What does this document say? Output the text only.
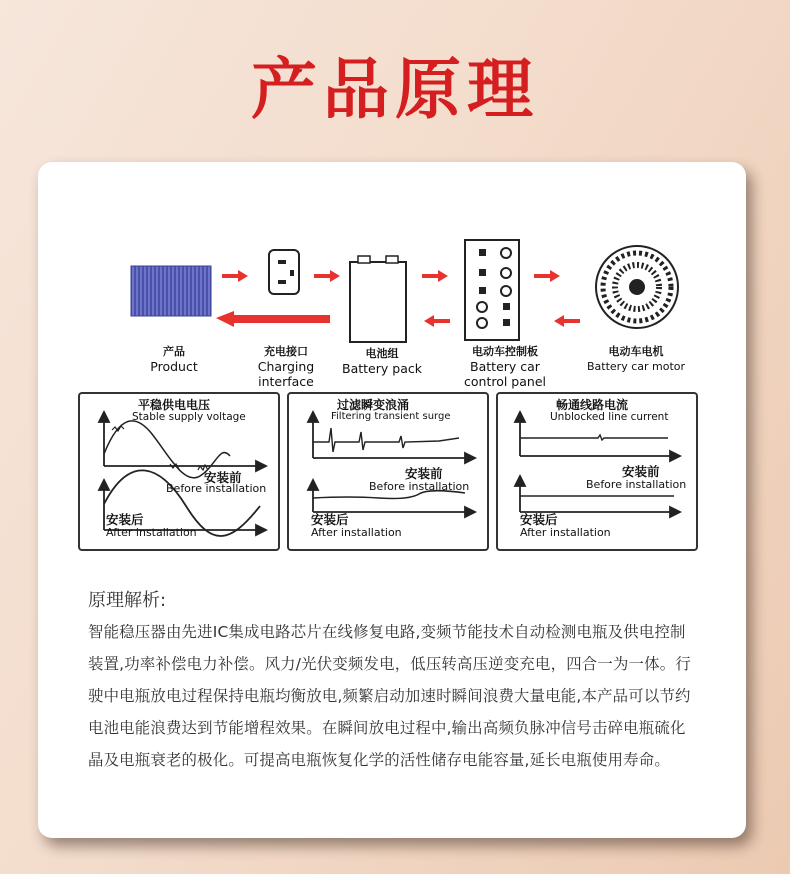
产品原理
产品
Product
充电接口
Charging interface
电池组
Battery pack
电动车控制板
Battery car control panel
电动车电机
Battery car motor
平稳供电电压
Stable supply voltage
安装前
Before installation
安装后
After installation
过滤瞬变浪涌
Filtering transient surge
安装前
Before installation
安装后
After installation
畅通线路电流
Unblocked line current
安装前
Before installation
安装后
After installation
原理解析:
智能稳压器由先进IC集成电路芯片在线修复电路,变频节能技术自动检测电瓶及供电控制装置,功率补偿电力补偿。风力/光伏变频发电，低压转高压逆变充电，四合一为一体。行驶中电瓶放电过程保持电瓶均衡放电,频繁启动加速时瞬间浪费大量电能,本产品可以节约电池电能浪费达到节能增程效果。在瞬间放电过程中,输出高频负脉冲信号击碎电瓶硫化晶及电瓶衰老的极化。可提高电瓶恢复化学的活性储存电能容量,延长电瓶使用寿命。
